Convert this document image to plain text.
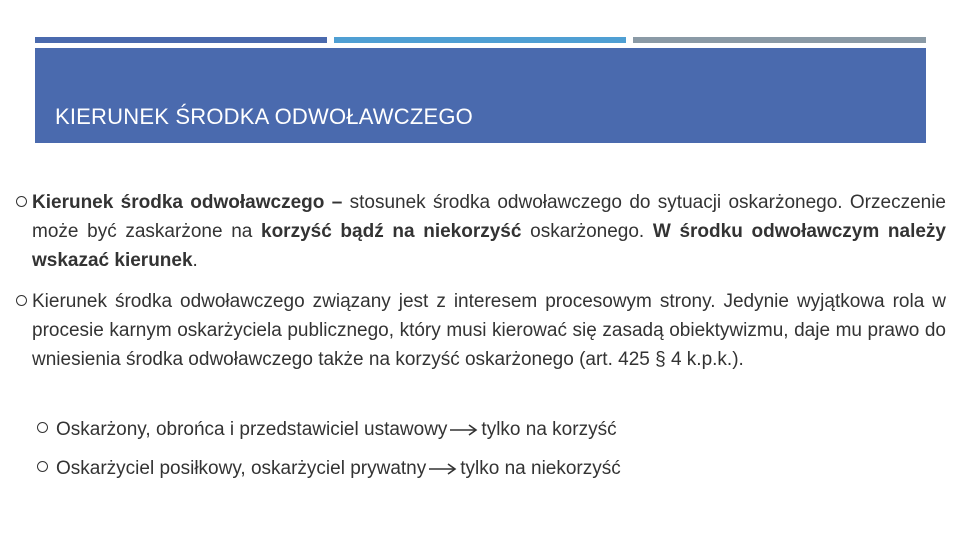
KIERUNEK ŚRODKA ODWOŁAWCZEGO
Kierunek środka odwoławczego – stosunek środka odwoławczego do sytuacji oskarżonego. Orzeczenie może być zaskarżone na korzyść bądź na niekorzyść oskarżonego. W środku odwoławczym należy wskazać kierunek.
Kierunek środka odwoławczego związany jest z interesem procesowym strony. Jedynie wyjątkowa rola w procesie karnym oskarżyciela publicznego, który musi kierować się zasadą obiektywizmu, daje mu prawo do wniesienia środka odwoławczego także na korzyść oskarżonego (art. 425 § 4 k.p.k.).
Oskarżony, obrońca i przedstawiciel ustawowy tylko na korzyść
Oskarżyciel posiłkowy, oskarżyciel prywatny tylko na niekorzyść
